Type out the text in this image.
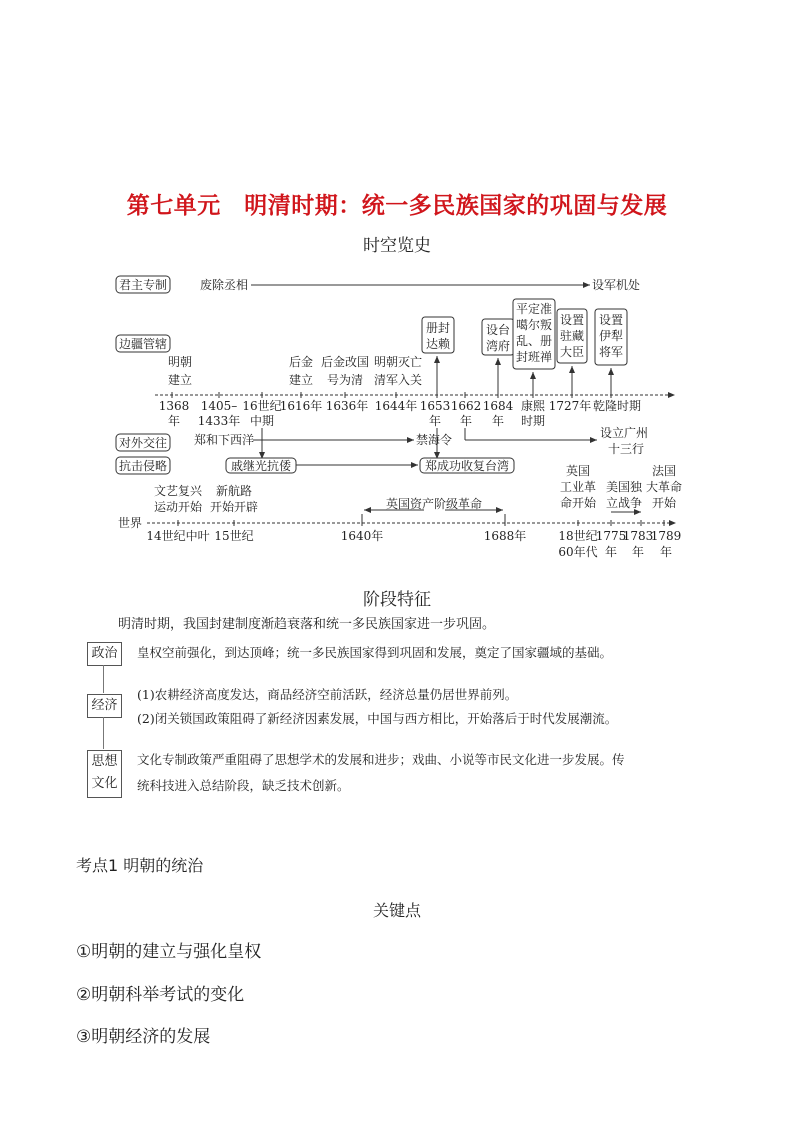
第七单元　明清时期：统一多民族国家的巩固与发展
时空览史
君主专制
边疆管辖
对外交往
抗击侵略
废除丞相	设军机处
册封
达赖
设台
湾府
平定准
噶尔叛
乱、册
封班禅
设置
驻藏
大臣
设置
伊犁
将军
明朝
建立
后金
建立
后金改国
号为清
明朝灭亡
清军入关
1368
年
1405–
1433年
16世纪
中期
1616年 1636年 1644年 1653
年
1662
年
1684
年
康熙
时期
1727年 乾隆时期
郑和下西洋	禁海令	设立广州
十三行
戚继光抗倭	郑成功收复台湾
文艺复兴
运动开始
新航路
开始开辟
英国
工业革
命开始
美国独
立战争
法国
大革命
开始
英国资产阶级革命
世界
14世纪中叶 15世纪	1640年	1688年	18世纪
60年代
1775
年
1783
年
1789
年
阶段特征
明清时期，我国封建制度渐趋衰落和统一多民族国家进一步巩固。
政治
经济
思想文化
皇权空前强化，到达顶峰；统一多民族国家得到巩固和发展，奠定了国家疆域的基础。
(1)农耕经济高度发达，商品经济空前活跃，经济总量仍居世界前列。
(2)闭关锁国政策阻碍了新经济因素发展，中国与西方相比，开始落后于时代发展潮流。
文化专制政策严重阻碍了思想学术的发展和进步；戏曲、小说等市民文化进一步发展。传
统科技进入总结阶段，缺乏技术创新。
考点1 明朝的统治
关键点
①明朝的建立与强化皇权
②明朝科举考试的变化
③明朝经济的发展
